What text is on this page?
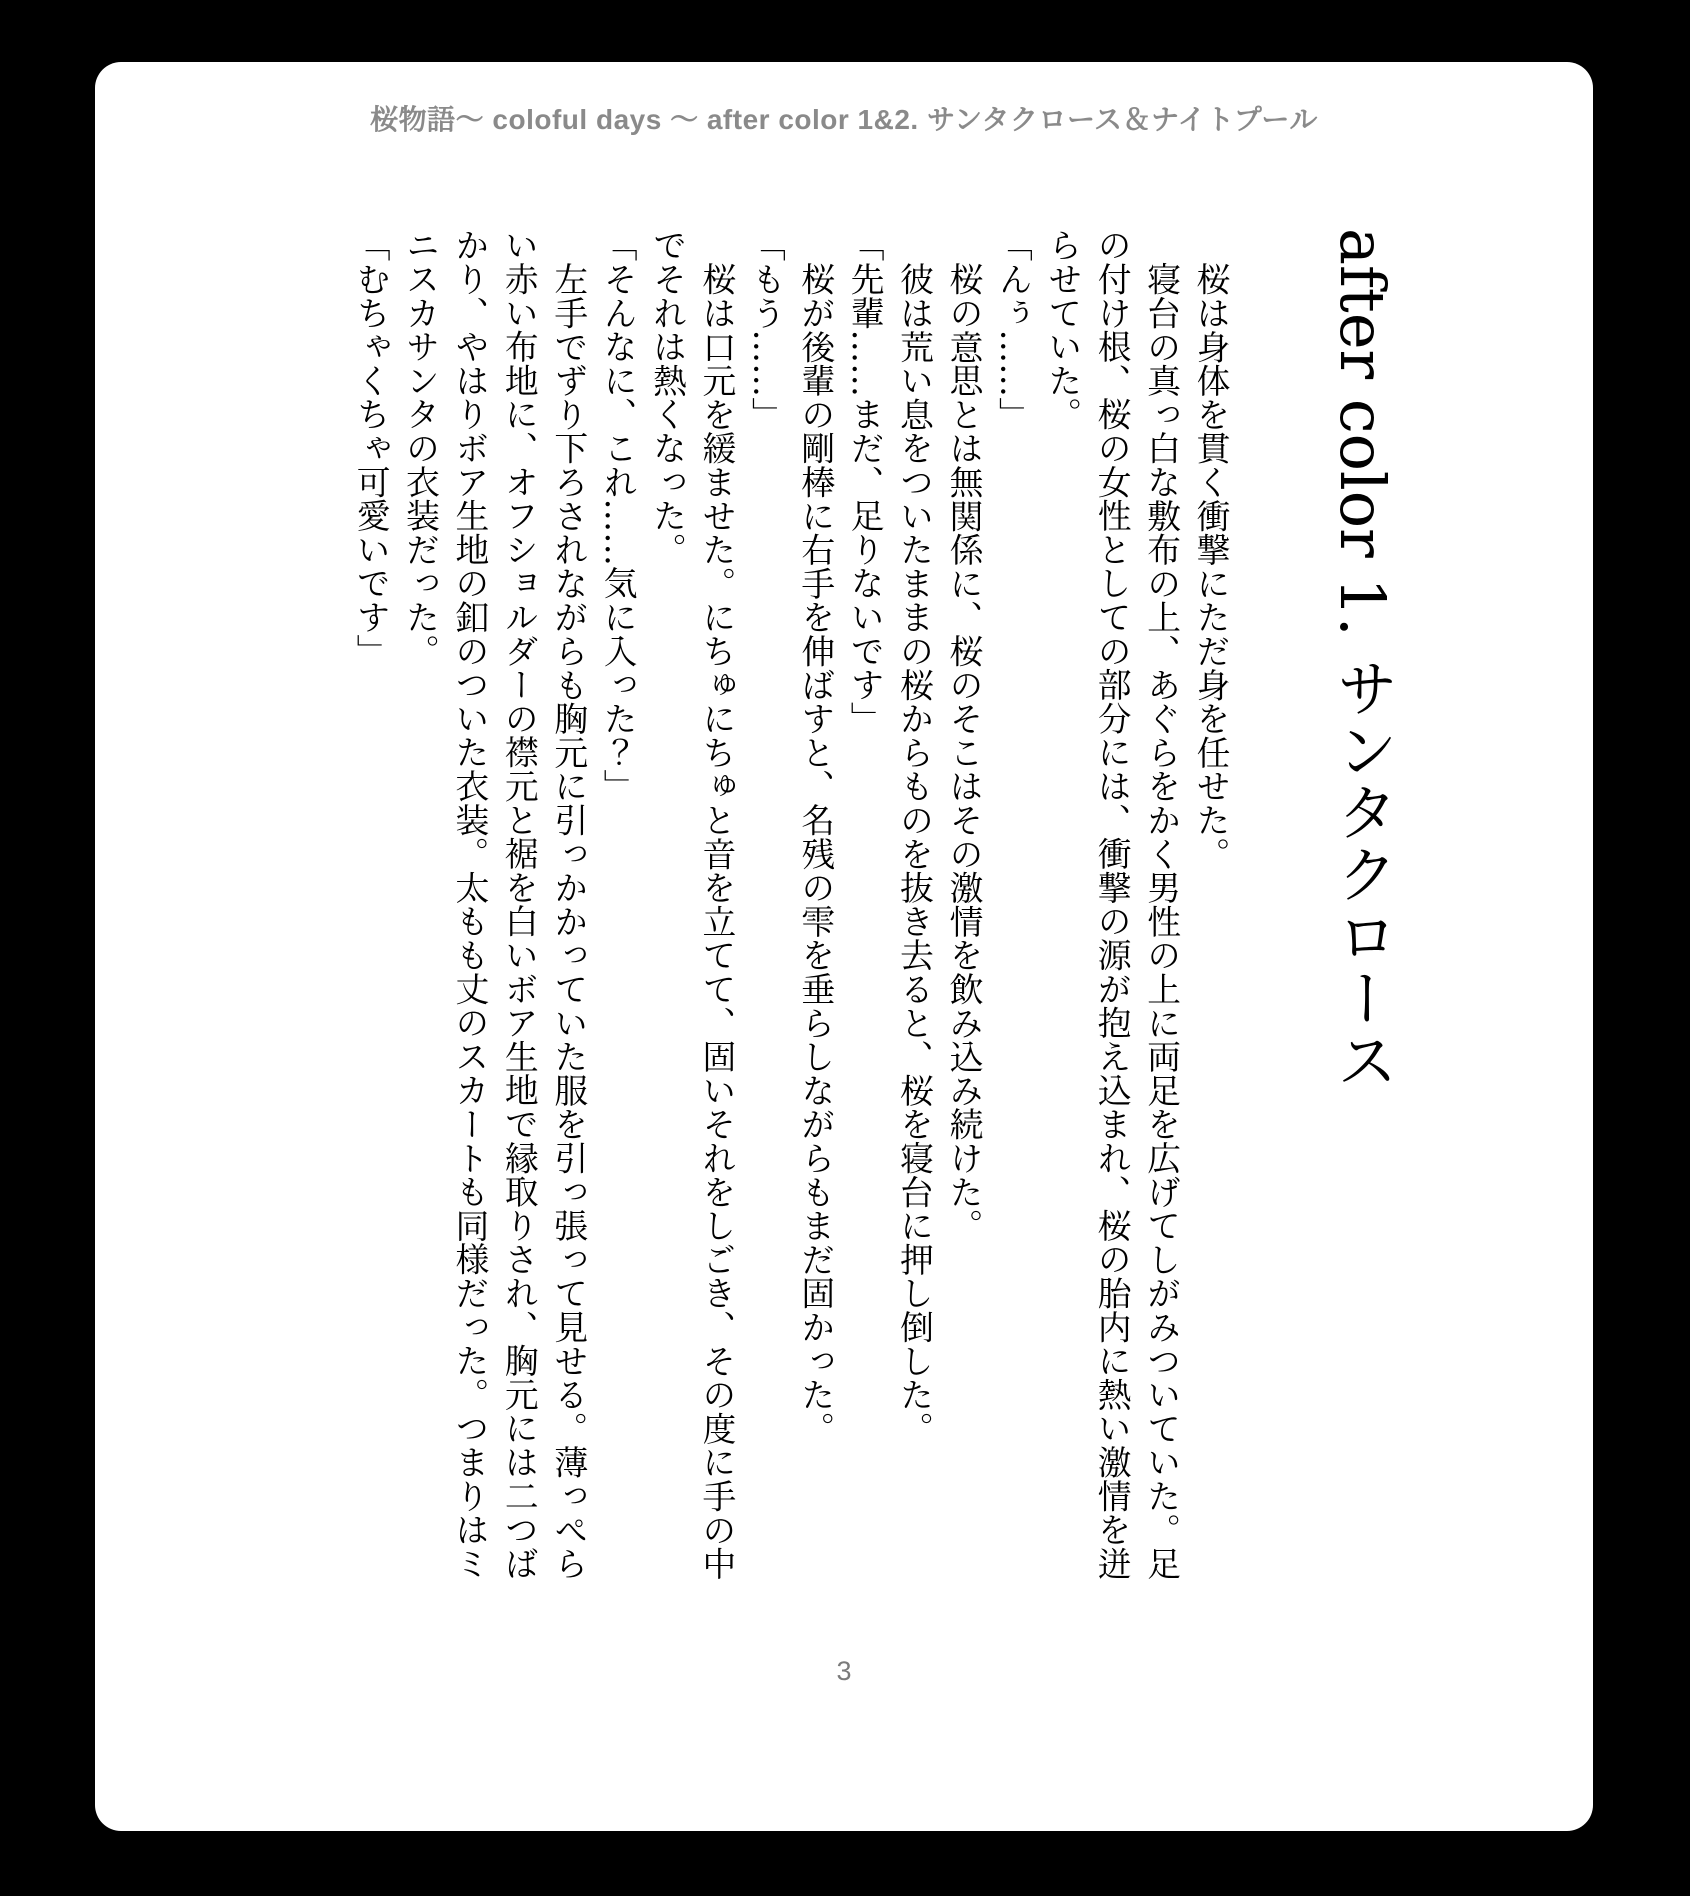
桜物語〜 coloful days 〜 after color 1&2. サンタクロース＆ナイトプール
after color 1. サンタクロース

桜は身体を貫く衝撃にただ身を任せた。

寝台の真っ白な敷布の上、あぐらをかく男性の上に両足を広げてしがみついていた。足の付け根、桜の女性としての部分には、衝撃の源が抱え込まれ、桜の胎内に熱い激情を迸らせていた。

「んぅ……」

桜の意思とは無関係に、桜のそこはその激情を飲み込み続けた。

彼は荒い息をついたままの桜からものを抜き去ると、桜を寝台に押し倒した。

「先輩……まだ、足りないです」

桜が後輩の剛棒に右手を伸ばすと、名残の雫を垂らしながらもまだ固かった。

「もう……」

桜は口元を緩ませた。にちゅにちゅと音を立てて、固いそれをしごき、その度に手の中でそれは熱くなった。

「そんなに、これ……気に入った？」

左手でずり下ろされながらも胸元に引っかかっていた服を引っ張って見せる。薄っぺらい赤い布地に、オフショルダーの襟元と裾を白いボア生地で縁取りされ、胸元には二つばかり、やはりボア生地の釦のついた衣装。太もも丈のスカートも同様だった。つまりはミニスカサンタの衣装だった。

「むちゃくちゃ可愛いです」

3
